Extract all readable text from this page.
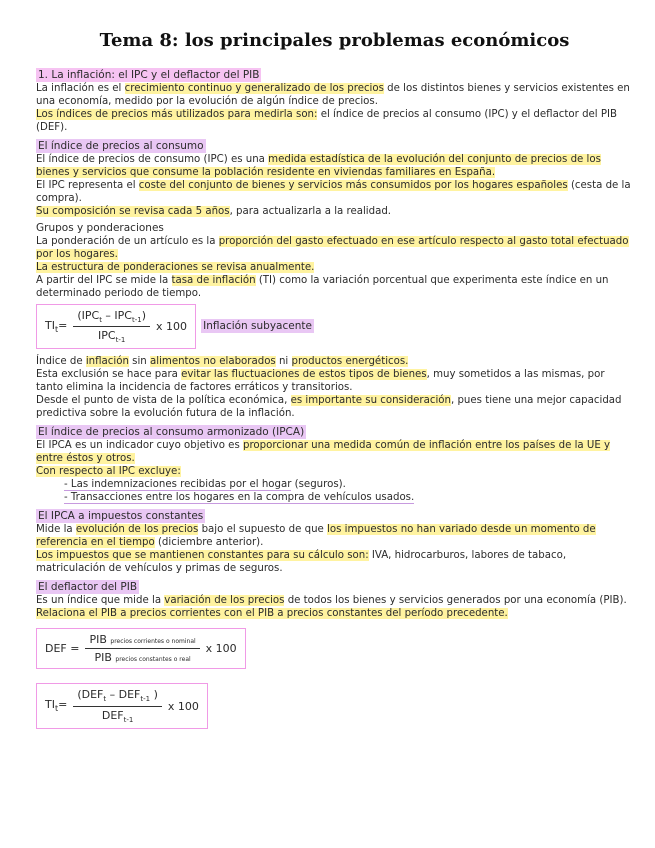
Tema 8: los principales problemas económicos
1. La inflación: el IPC y el deflactor del PIB

La inflación es el crecimiento continuo y generalizado de los precios de los distintos bienes y servicios existentes en una economía, medido por la evolución de algún índice de precios.

Los índices de precios más utilizados para medirla son: el índice de precios al consumo (IPC) y el deflactor del PIB (DEF).

El índice de precios al consumo

El índice de precios de consumo (IPC) es una medida estadística de la evolución del conjunto de precios de los bienes y servicios que consume la población residente en viviendas familiares en España.

El IPC representa el coste del conjunto de bienes y servicios más consumidos por los hogares españoles (cesta de la compra).

Su composición se revisa cada 5 años, para actualizarla a la realidad.

Grupos y ponderaciones

La ponderación de un artículo es la proporción del gasto efectuado en ese artículo respecto al gasto total efectuado por los hogares.

La estructura de ponderaciones se revisa anualmente.

A partir del IPC se mide la tasa de inflación (TI) como la variación porcentual que experimenta este índice en un determinado periodo de tiempo.

$TI_t= \frac{(IPC_t - IPC_{t-1})}{IPC_{t-1}}$ x 100 Inflación subyacente

Índice de inflación sin alimentos no elaborados ni productos energéticos.

Esta exclusión se hace para evitar las fluctuaciones de estos tipos de bienes, muy sometidos a las mismas, por tanto elimina la incidencia de factores erráticos y transitorios.

Desde el punto de vista de la política económica, es importante su consideración, pues tiene una mejor capacidad predictiva sobre la evolución futura de la inflación.

El índice de precios al consumo armonizado (IPCA)

El IPCA es un indicador cuyo objetivo es proporcionar una medida común de inflación entre los países de la UE y entre éstos y otros.

Con respecto al IPC excluye:

- Las indemnizaciones recibidas por el hogar (seguros).
- Transacciones entre los hogares en la compra de vehículos usados.
El IPCA a impuestos constantes

Mide la evolución de los precios bajo el supuesto de que los impuestos no han variado desde un momento de referencia en el tiempo (diciembre anterior).

Los impuestos que se mantienen constantes para su cálculo son: IVA, hidrocarburos, labores de tabaco, matriculación de vehículos y primas de seguros.

El deflactor del PIB

Es un índice que mide la variación de los precios de todos los bienes y servicios generados por una economía (PIB).

Relaciona el PIB a precios corrientes con el PIB a precios constantes del período precedente.

DEF = $\frac{\text{PIB precios corrientes o nominal}}{\text{PIB precios constantes o real}}$ x 100

$TI_t= \frac{(DEF_t - DEF_{t-1} )}{DEF_{t-1}}$ x 100
